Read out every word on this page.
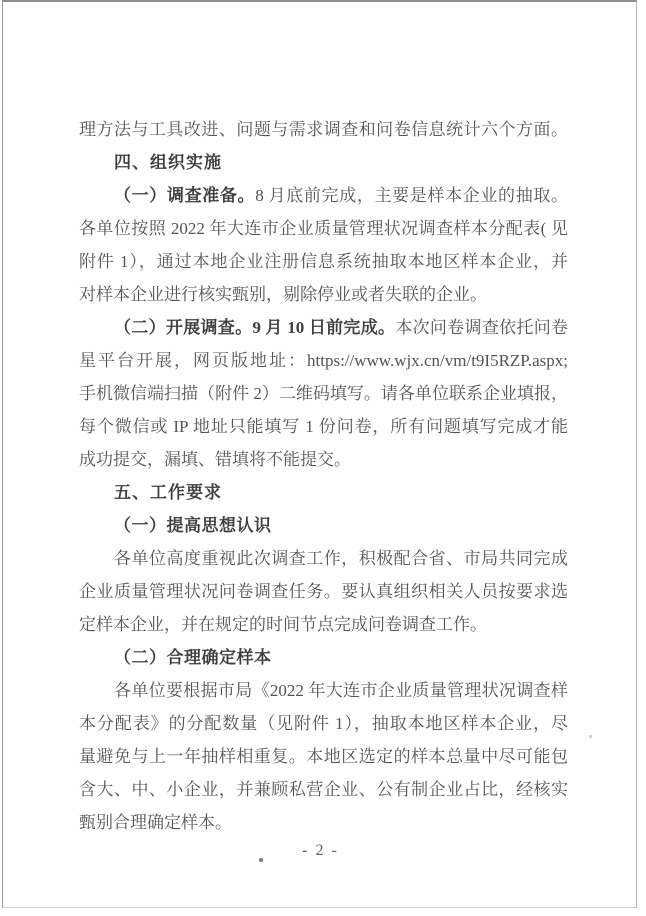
理方法与工具改进、问题与需求调查和问卷信息统计六个方面。
四、组织实施
（一）调查准备。8 月底前完成，主要是样本企业的抽取。
各单位按照 2022 年大连市企业质量管理状况调查样本分配表( 见
附件 1），通过本地企业注册信息系统抽取本地区样本企业，并
对样本企业进行核实甄别，剔除停业或者失联的企业。
（二）开展调查。9 月 10 日前完成。本次问卷调查依托问卷
星平台开展，网页版地址：https://www.wjx.cn/vm/t9I5RZP.aspx;
手机微信端扫描（附件 2）二维码填写。请各单位联系企业填报，
每个微信或 IP 地址只能填写 1 份问卷，所有问题填写完成才能
成功提交，漏填、错填将不能提交。
五、工作要求
（一）提高思想认识
各单位高度重视此次调查工作，积极配合省、市局共同完成
企业质量管理状况问卷调查任务。要认真组织相关人员按要求选
定样本企业，并在规定的时间节点完成问卷调查工作。
（二）合理确定样本
各单位要根据市局《2022 年大连市企业质量管理状况调查样
本分配表》的分配数量（见附件 1），抽取本地区样本企业，尽
量避免与上一年抽样相重复。本地区选定的样本总量中尽可能包
含大、中、小企业，并兼顾私营企业、公有制企业占比，经核实
甄别合理确定样本。
- 2 -
